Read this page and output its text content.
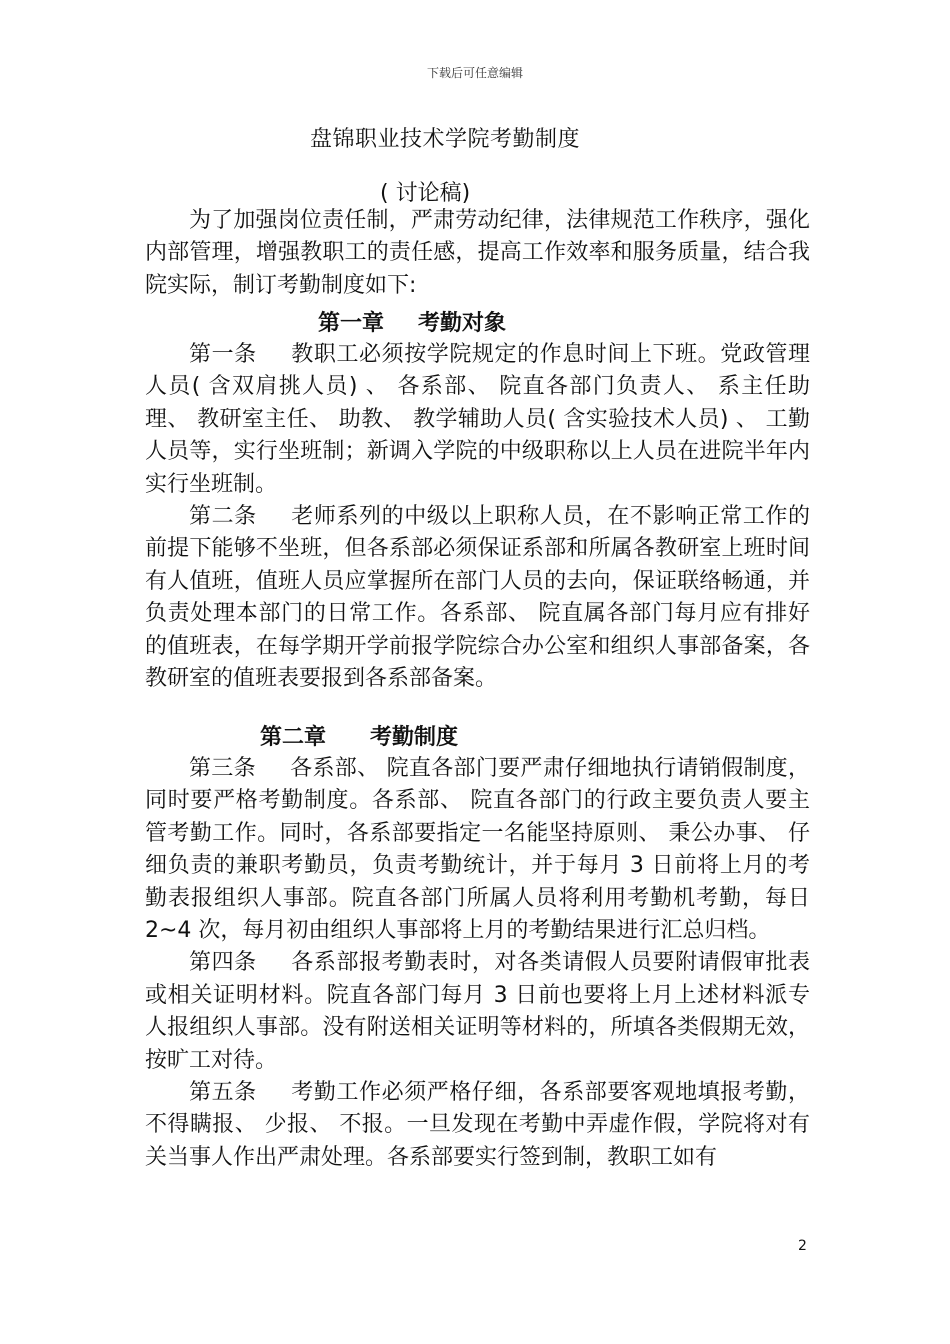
下载后可任意编辑
盘锦职业技术学院考勤制度
( 讨论稿)

为了加强岗位责任制，严肃劳动纪律，法律规范工作秩序，强化内部管理，增强教职工的责任感，提高工作效率和服务质量，结合我院实际，制订考勤制度如下:

第一章 考勤对象

第一条 教职工必须按学院规定的作息时间上下班。党政管理人员( 含双肩挑人员) 、 各系部、 院直各部门负责人、 系主任助理、 教研室主任、 助教、 教学辅助人员( 含实验技术人员) 、 工勤人员等，实行坐班制；新调入学院的中级职称以上人员在进院半年内实行坐班制。

第二条 老师系列的中级以上职称人员，在不影响正常工作的前提下能够不坐班，但各系部必须保证系部和所属各教研室上班时间有人值班，值班人员应掌握所在部门人员的去向，保证联络畅通，并负责处理本部门的日常工作。各系部、 院直属各部门每月应有排好的值班表，在每学期开学前报学院综合办公室和组织人事部备案，各教研室的值班表要报到各系部备案。

第二章 考勤制度

第三条 各系部、 院直各部门要严肃仔细地执行请销假制度，同时要严格考勤制度。各系部、 院直各部门的行政主要负责人要主管考勤工作。同时，各系部要指定一名能坚持原则、 秉公办事、 仔细负责的兼职考勤员，负责考勤统计，并于每月 3 日前将上月的考勤表报组织人事部。院直各部门所属人员将利用考勤机考勤，每日 2~4 次，每月初由组织人事部将上月的考勤结果进行汇总归档。

第四条 各系部报考勤表时，对各类请假人员要附请假审批表或相关证明材料。院直各部门每月 3 日前也要将上月上述材料派专人报组织人事部。没有附送相关证明等材料的，所填各类假期无效，按旷工对待。

第五条 考勤工作必须严格仔细，各系部要客观地填报考勤，不得瞒报、 少报、 不报。一旦发现在考勤中弄虚作假，学院将对有关当事人作出严肃处理。各系部要实行签到制，教职工如有

2
